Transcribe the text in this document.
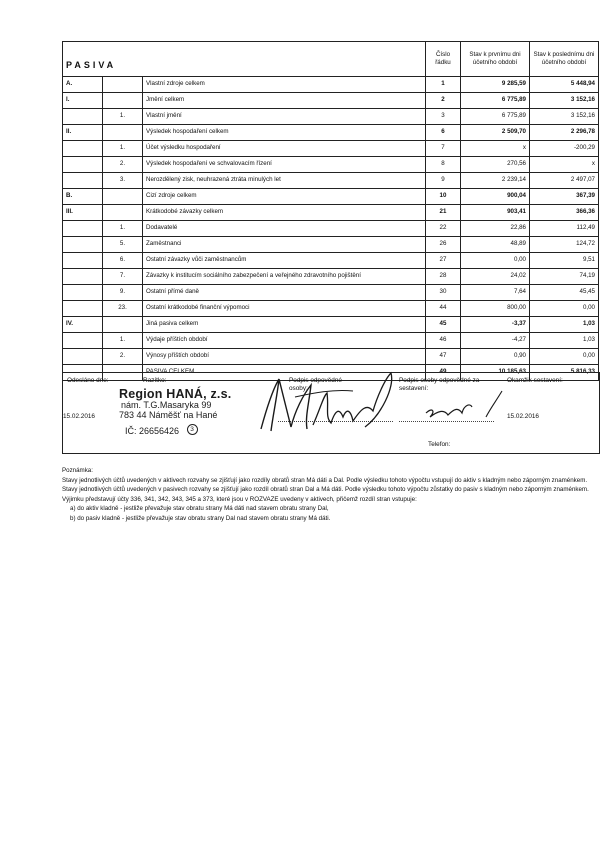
PASIVA			Číslo řádku	Stav k prvnímu dni účetního období	Stav k poslednímu dni účetního období
A.		Vlastní zdroje celkem	1	9 285,59	5 448,94
I.		Jmění celkem	2	6 775,89	3 152,16
	1.	Vlastní jmění	3	6 775,89	3 152,16
II.		Výsledek hospodaření celkem	6	2 509,70	2 296,78
	1.	Účet výsledku hospodaření	7	x	-200,29
	2.	Výsledek hospodaření ve schvalovacím řízení	8	270,56	x
	3.	Nerozdělený zisk, neuhrazená ztráta minulých let	9	2 239,14	2 497,07
B.		Cizí zdroje celkem	10	900,04	367,39
III.		Krátkodobé závazky celkem	21	903,41	366,36
	1.	Dodavatelé	22	22,86	112,49
	5.	Zaměstnanci	26	48,89	124,72
	6.	Ostatní závazky vůči zaměstnancům	27	0,00	9,51
	7.	Závazky k institucím sociálního zabezpečení a veřejného zdravotního pojištění	28	24,02	74,19
	9.	Ostatní přímé daně	30	7,64	45,45
	23.	Ostatní krátkodobé finanční výpomoci	44	800,00	0,00
IV.		Jiná pasiva celkem	45	-3,37	1,03
	1.	Výdaje příštích období	46	-4,27	1,03
	2.	Výnosy příštích období	47	0,90	0,00
		PASIVA CELKEM	49	10 185,63	5 816,33
Odesláno dne:
15.02.2016
Razítko:
Region HANÁ, z.s.
nám. T.G.Masaryka 99
783 44 Náměšť na Hané
IČ: 26656426 3
Podpis odpovědné osoby:
Podpis osoby odpovědné za sestavení:
Okamžik sestavení:
15.02.2016
Telefon:

Poznámka:

Stavy jednotlivých účtů uvedených v aktivech rozvahy se zjišťují jako rozdíly obratů stran Má dáti a Dal. Podle výsledku tohoto výpočtu vstupují do aktiv s kladným nebo záporným znaménkem. Stavy jednotlivých účtů uvedených v pasivech rozvahy se zjišťují jako rozdíl obratů stran Dal a Má dáti. Podle výsledku tohoto výpočtu zůstatky do pasiv s kladným nebo záporným znaménkem. Výjimku představují účty 336, 341, 342, 343, 345 a 373, které jsou v ROZVAZE uvedeny v aktivech, přičemž rozdíl stran vstupuje:

a) do aktiv kladně - jestliže převažuje stav obratu strany Má dáti nad stavem obratu strany Dal,

b) do pasiv kladně - jestliže převažuje stav obratu strany Dal nad stavem obratu strany Má dáti.
